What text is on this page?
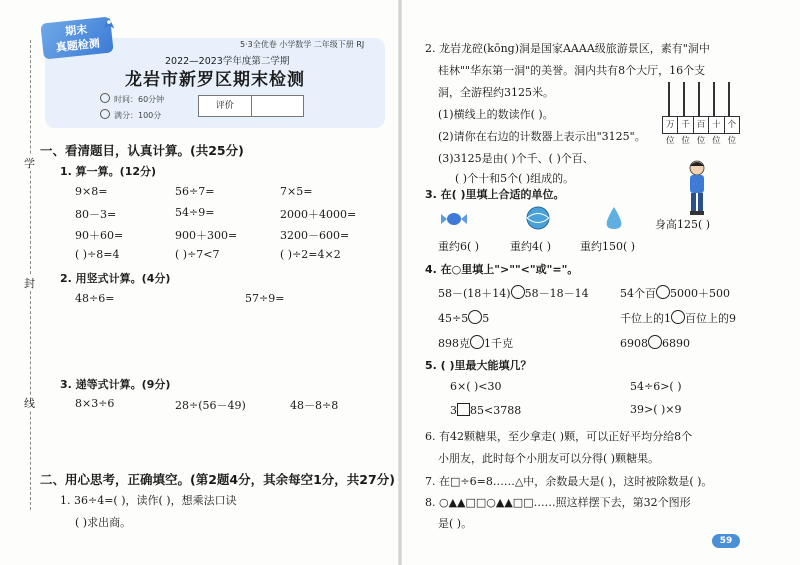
学
封
线
期末
真题检测	5·3全优卷 小学数学 二年级下册 RJ
2022—2023学年度第二学期
龙岩市新罗区期末检测
时间：60分钟
满分：100分
评价
一、看清题目，认真计算。(共25分)
1. 算一算。(12分)
9×8=	56÷7=	7×5=
80－3=	54÷9=	2000＋4000=
90＋60=	900＋300=	3200－600=
( )÷8=4	( )÷7<7	( )÷2=4×2
2. 用竖式计算。(4分)
48÷6=	57÷9=
3. 递等式计算。(9分)
8×3÷6	28÷(56－49)	48－8÷8
二、用心思考，正确填空。(第2题4分，其余每空1分，共27分)
1. 36÷4=( )，读作( )，想乘法口诀
( )求出商。
2. 龙岩龙硿(kōng)洞是国家AAAA级旅游景区，素有"洞中
桂林""华东第一洞"的美誉。洞内共有8个大厅，16个支
洞，全游程约3125米。
(1)横线上的数读作( )。
(2)请你在右边的计数器上表示出"3125"。
(3)3125是由( )个千、( )个百、
( )个十和5个( )组成的。
万位
千位
百位
十位
个位
3. 在( )里填上合适的单位。
重约6( )	重约4( )	重约150( )
身高125( )
4. 在○里填上">""<"或"="。
58－(18＋14) 58－18－14	54个百 5000＋500
45÷5 5	千位上的1 百位上的9
898克 1千克	6908 6890
5. ( )里最大能填几？
6×( )<30	54÷6>( )
3 85<3788	39>( )×9
6. 有42颗糖果，至少拿走( )颗，可以正好平均分给8个
小朋友，此时每个小朋友可以分得( )颗糖果。
7. 在□÷6=8……△中，余数最大是( )，这时被除数是( )。
8. ○▲▲□□○▲▲□□……照这样摆下去，第32个图形
是( )。
59
